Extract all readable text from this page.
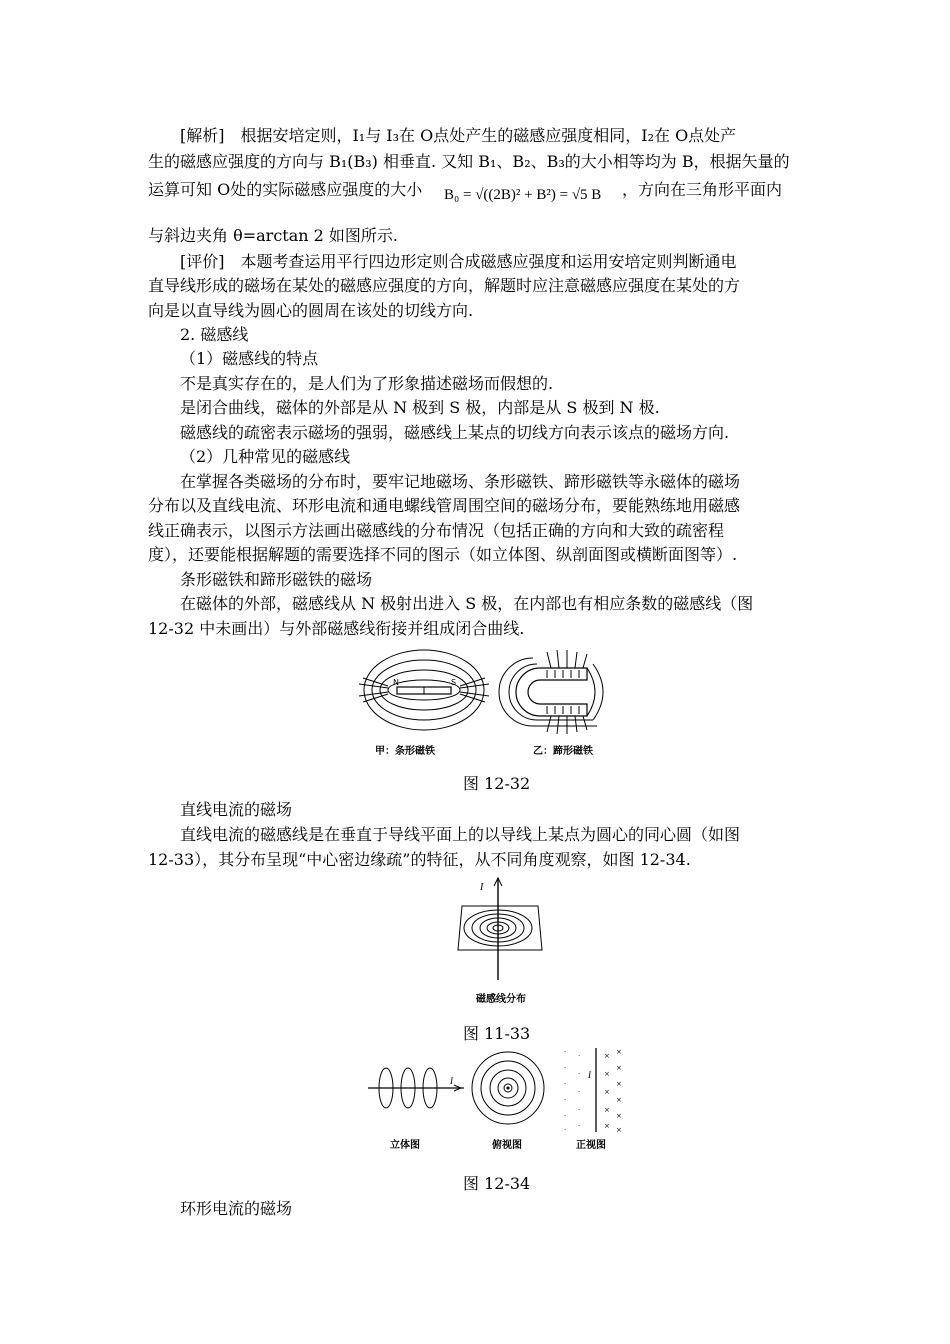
[解析]　根据安培定则，I₁与 I₃在 O点处产生的磁感应强度相同，I₂在 O点处产
生的磁感应强度的方向与 B₁(B₃) 相垂直. 又知 B₁、B₂、B₃的大小相等均为 B，根据矢量的
运算可知 O处的实际磁感应强度的大小 B₀ = √((2B)² + B²) = √5 B ，方向在三角形平面内
与斜边夹角 θ=arctan 2 如图所示.
[评价]　本题考查运用平行四边形定则合成磁感应强度和运用安培定则判断通电
直导线形成的磁场在某处的磁感应强度的方向，解题时应注意磁感应强度在某处的方
向是以直导线为圆心的圆周在该处的切线方向.
2. 磁感线
（1）磁感线的特点
不是真实存在的，是人们为了形象描述磁场而假想的.
是闭合曲线，磁体的外部是从 N 极到 S 极，内部是从 S 极到 N 极.
磁感线的疏密表示磁场的强弱，磁感线上某点的切线方向表示该点的磁场方向.
（2）几种常见的磁感线
在掌握各类磁场的分布时，要牢记地磁场、条形磁铁、蹄形磁铁等永磁体的磁场
分布以及直线电流、环形电流和通电螺线管周围空间的磁场分布，要能熟练地用磁感
线正确表示，以图示方法画出磁感线的分布情况（包括正确的方向和大致的疏密程
度），还要能根据解题的需要选择不同的图示（如立体图、纵剖面图或横断面图等）.
条形磁铁和蹄形磁铁的磁场
在磁体的外部，磁感线从 N 极射出进入 S 极，在内部也有相应条数的磁感线（图
12-32 中未画出）与外部磁感线衔接并组成闭合曲线.
N	S
甲：条形磁铁	乙：蹄形磁铁
图 12-32
直线电流的磁场
直线电流的磁感线是在垂直于导线平面上的以导线上某点为圆心的同心圆（如图
12-33），其分布呈现“中心密边缘疏”的特征，从不同角度观察，如图 12-34.
I
磁感线分布
图 11-33
·
·
·
·
·
·
·
·
·
·
·
×
×
×
×
×
×
×
×
×
×
×
I
I
立体图	俯视图	正视图
图 12-34
环形电流的磁场
